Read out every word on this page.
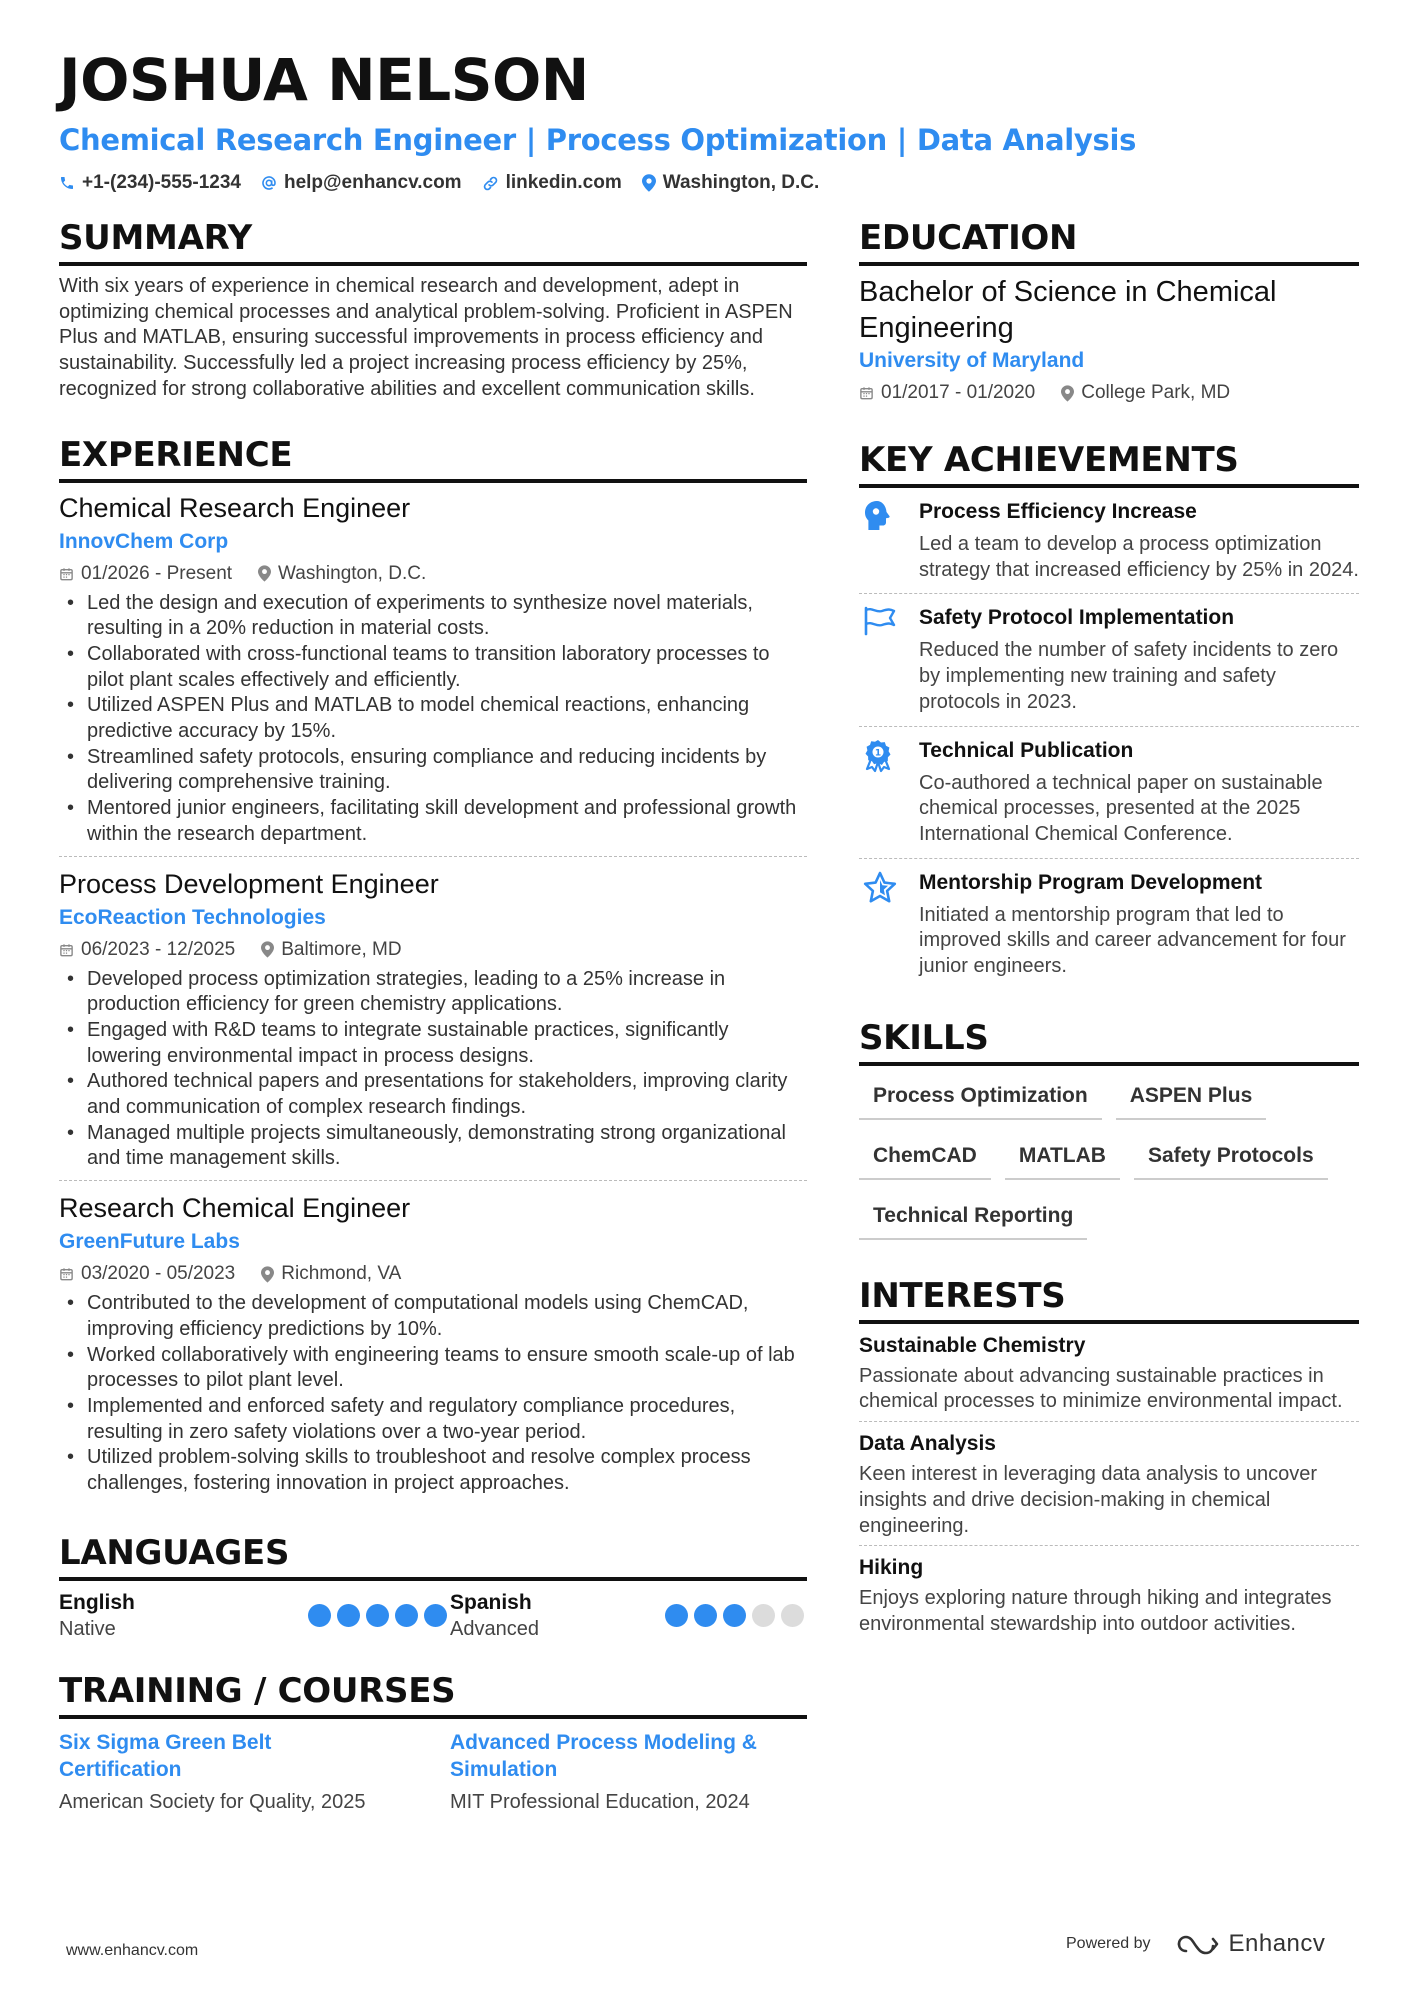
JOSHUA NELSON
Chemical Research Engineer | Process Optimization | Data Analysis
+1-(234)-555-1234 help@enhancv.com linkedin.com Washington, D.C.
SUMMARY
With six years of experience in chemical research and development, adept in optimizing chemical processes and analytical problem-solving. Proficient in ASPEN Plus and MATLAB, ensuring successful improvements in process efficiency and sustainability. Successfully led a project increasing process efficiency by 25%, recognized for strong collaborative abilities and excellent communication skills.
EXPERIENCE
Chemical Research Engineer
InnovChem Corp
01/2026 - Present Washington, D.C.
• Led the design and execution of experiments to synthesize novel materials, resulting in a 20% reduction in material costs.
• Collaborated with cross-functional teams to transition laboratory processes to pilot plant scales effectively and efficiently.
• Utilized ASPEN Plus and MATLAB to model chemical reactions, enhancing predictive accuracy by 15%.
• Streamlined safety protocols, ensuring compliance and reducing incidents by delivering comprehensive training.
• Mentored junior engineers, facilitating skill development and professional growth within the research department.
Process Development Engineer
EcoReaction Technologies
06/2023 - 12/2025 Baltimore, MD
• Developed process optimization strategies, leading to a 25% increase in production efficiency for green chemistry applications.
• Engaged with R&D teams to integrate sustainable practices, significantly lowering environmental impact in process designs.
• Authored technical papers and presentations for stakeholders, improving clarity and communication of complex research findings.
• Managed multiple projects simultaneously, demonstrating strong organizational and time management skills.
Research Chemical Engineer
GreenFuture Labs
03/2020 - 05/2023 Richmond, VA
• Contributed to the development of computational models using ChemCAD, improving efficiency predictions by 10%.
• Worked collaboratively with engineering teams to ensure smooth scale-up of lab processes to pilot plant level.
• Implemented and enforced safety and regulatory compliance procedures, resulting in zero safety violations over a two-year period.
• Utilized problem-solving skills to troubleshoot and resolve complex process challenges, fostering innovation in project approaches.
LANGUAGES
English
Native
Spanish
Advanced
TRAINING / COURSES
Six Sigma Green Belt Certification
American Society for Quality, 2025
Advanced Process Modeling & Simulation
MIT Professional Education, 2024
EDUCATION
Bachelor of Science in Chemical Engineering
University of Maryland
01/2017 - 01/2020 College Park, MD
KEY ACHIEVEMENTS
Process Efficiency Increase
Led a team to develop a process optimization strategy that increased efficiency by 25% in 2024.
Safety Protocol Implementation
Reduced the number of safety incidents to zero by implementing new training and safety protocols in 2023.
1 Technical Publication
Co-authored a technical paper on sustainable chemical processes, presented at the 2025 International Chemical Conference.
Mentorship Program Development
Initiated a mentorship program that led to improved skills and career advancement for four junior engineers.
SKILLS
Process Optimization	ASPEN Plus
ChemCAD	MATLAB	Safety Protocols
Technical Reporting
INTERESTS
Sustainable Chemistry
Passionate about advancing sustainable practices in chemical processes to minimize environmental impact.
Data Analysis
Keen interest in leveraging data analysis to uncover insights and drive decision-making in chemical engineering.
Hiking
Enjoys exploring nature through hiking and integrates environmental stewardship into outdoor activities.
www.enhancv.com	Powered by	Enhancv
